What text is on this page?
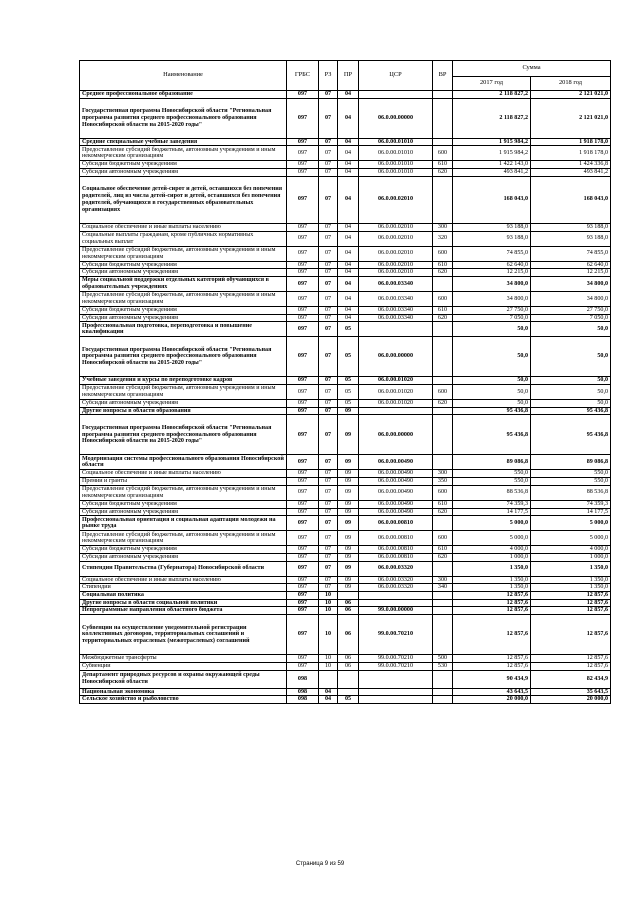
Наименование	ГРБС	РЗ	ПР	ЦСР	ВР	Сумма	
						2017 год	2018 год
Среднее профессиональное образование	097	07	04			2 118 827,2	2 121 021,0
Государственная программа Новосибирской области "Региональная программа развития среднего профессионального образования Новосибирской области на 2015-2020 годы"	097	07	04	06.0.00.00000		2 118 827,2	2 121 021,0
Средние специальные учебные заведения	097	07	04	06.0.00.01010		1 915 984,2	1 918 178,0
Предоставление субсидий бюджетным, автономным учреждениям и иным некоммерческим организациям	097	07	04	06.0.00.01010	600	1 915 984,2	1 918 178,0
Субсидии бюджетным учреждениям	097	07	04	06.0.00.01010	610	1 422 143,0	1 424 336,8
Субсидии автономным учреждениям	097	07	04	06.0.00.01010	620	493 841,2	493 841,2
Социальное обеспечение детей-сирот и детей, оставшихся без попечения родителей, лиц из числа детей-сирот и детей, оставшихся без попечения родителей, обучающихся в государственных образовательных организациях	097	07	04	06.0.00.02010		168 043,0	168 043,0
Социальное обеспечение и иные выплаты населению	097	07	04	06.0.00.02010	300	93 188,0	93 188,0
Социальные выплаты гражданам, кроме публичных нормативных социальных выплат	097	07	04	06.0.00.02010	320	93 188,0	93 188,0
Предоставление субсидий бюджетным, автономным учреждениям и иным некоммерческим организациям	097	07	04	06.0.00.02010	600	74 855,0	74 855,0
Субсидии бюджетным учреждениям	097	07	04	06.0.00.02010	610	62 640,0	62 640,0
Субсидии автономным учреждениям	097	07	04	06.0.00.02010	620	12 215,0	12 215,0
Меры социальной поддержки отдельных категорий обучающихся в образовательных учреждениях	097	07	04	06.0.00.03340		34 800,0	34 800,0
Предоставление субсидий бюджетным, автономным учреждениям и иным некоммерческим организациям	097	07	04	06.0.00.03340	600	34 800,0	34 800,0
Субсидии бюджетным учреждениям	097	07	04	06.0.00.03340	610	27 750,0	27 750,0
Субсидии автономным учреждениям	097	07	04	06.0.00.03340	620	7 050,0	7 050,0
Профессиональная подготовка, переподготовка и повышение квалификации	097	07	05			50,0	50,0
Государственная программа Новосибирской области "Региональная программа развития среднего профессионального образования Новосибирской области на 2015-2020 годы"	097	07	05	06.0.00.00000		50,0	50,0
Учебные заведения и курсы по переподготовке кадров	097	07	05	06.0.00.01020		50,0	50,0
Предоставление субсидий бюджетным, автономным учреждениям и иным некоммерческим организациям	097	07	05	06.0.00.01020	600	50,0	50,0
Субсидии автономным учреждениям	097	07	05	06.0.00.01020	620	50,0	50,0
Другие вопросы в области образования	097	07	09			95 436,8	95 436,8
Государственная программа Новосибирской области "Региональная программа развития среднего профессионального образования Новосибирской области на 2015-2020 годы"	097	07	09	06.0.00.00000		95 436,8	95 436,8
Модернизация системы профессионального образования Новосибирской области	097	07	09	06.0.00.00490		89 086,8	89 086,8
Социальное обеспечение и иные выплаты населению	097	07	09	06.0.00.00490	300	550,0	550,0
Премии и гранты	097	07	09	06.0.00.00490	350	550,0	550,0
Предоставление субсидий бюджетным, автономным учреждениям и иным некоммерческим организациям	097	07	09	06.0.00.00490	600	88 536,8	88 536,8
Субсидии бюджетным учреждениям	097	07	09	06.0.00.00490	610	74 359,3	74 359,3
Субсидии автономным учреждениям	097	07	09	06.0.00.00490	620	14 177,5	14 177,5
Профессиональная ориентация и социальная адаптация молодежи на рынке труда	097	07	09	06.0.00.00810		5 000,0	5 000,0
Предоставление субсидий бюджетным, автономным учреждениям и иным некоммерческим организациям	097	07	09	06.0.00.00810	600	5 000,0	5 000,0
Субсидии бюджетным учреждениям	097	07	09	06.0.00.00810	610	4 000,0	4 000,0
Субсидии автономным учреждениям	097	07	09	06.0.00.00810	620	1 000,0	1 000,0
Стипендии Правительства (Губернатора) Новосибирской области	097	07	09	06.0.00.03320		1 350,0	1 350,0
Социальное обеспечение и иные выплаты населению	097	07	09	06.0.00.03320	300	1 350,0	1 350,0
Стипендии	097	07	09	06.0.00.03320	340	1 350,0	1 350,0
Социальная политика	097	10				12 857,6	12 857,6
Другие вопросы в области социальной политики	097	10	06			12 857,6	12 857,6
Непрограммные направления областного бюджета	097	10	06	99.0.00.00000		12 857,6	12 857,6
Субвенции на осуществление уведомительной регистрации коллективных договоров, территориальных соглашений и территориальных отраслевых (межотраслевых) соглашений	097	10	06	99.0.00.70210		12 857,6	12 857,6
Межбюджетные трансферты	097	10	06	99.0.00.70210	500	12 857,6	12 857,6
Субвенции	097	10	06	99.0.00.70210	530	12 857,6	12 857,6
Департамент природных ресурсов и охраны окружающей среды Новосибирской области	098					90 434,9	82 434,9
Национальная экономика	098	04				43 643,5	35 643,5
Сельское хозяйство и рыболовство	098	04	05			20 000,0	20 000,0
Страница 9 из 59
